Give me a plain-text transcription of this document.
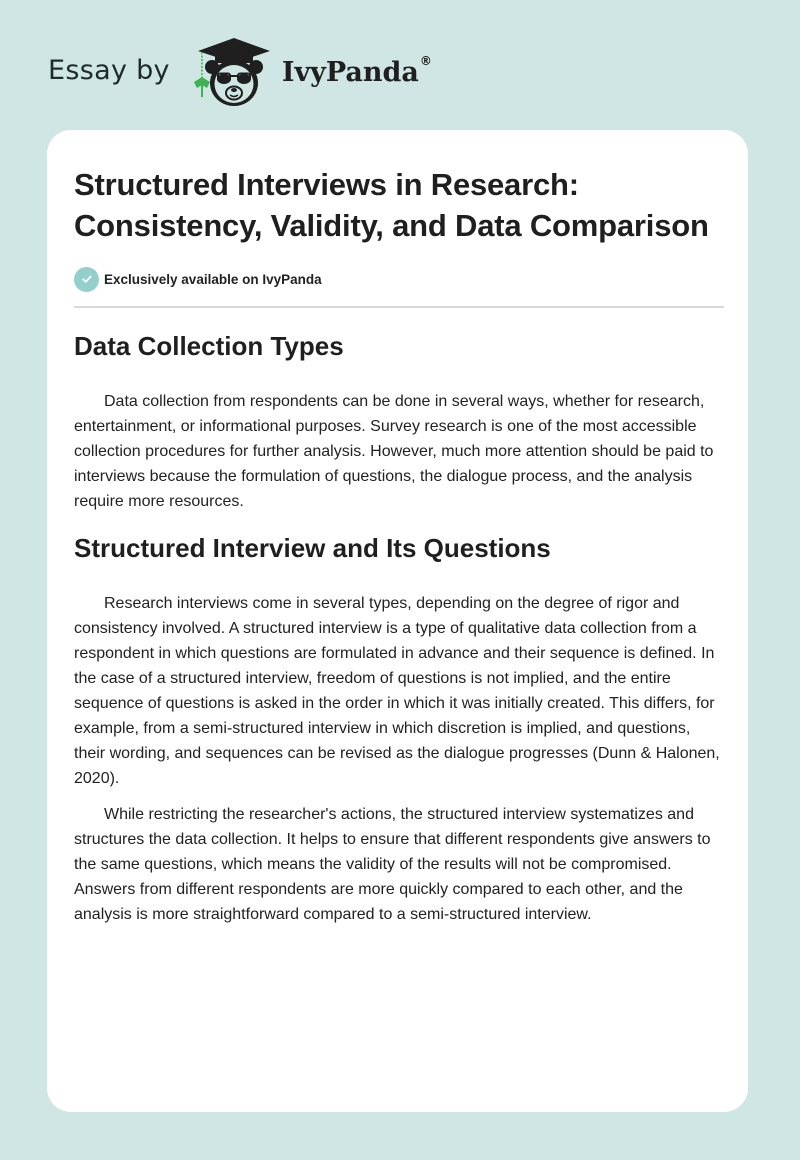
Essay by	IvyPanda®
Structured Interviews in Research: Consistency, Validity, and Data Comparison
Exclusively available on IvyPanda
Data Collection Types

Data collection from respondents can be done in several ways, whether for research, entertainment, or informational purposes. Survey research is one of the most accessible collection procedures for further analysis. However, much more attention should be paid to interviews because the formulation of questions, the dialogue process, and the analysis require more resources.

Structured Interview and Its Questions

Research interviews come in several types, depending on the degree of rigor and consistency involved. A structured interview is a type of qualitative data collection from a respondent in which questions are formulated in advance and their sequence is defined. In the case of a structured interview, freedom of questions is not implied, and the entire sequence of questions is asked in the order in which it was initially created. This differs, for example, from a semi-structured interview in which discretion is implied, and questions, their wording, and sequences can be revised as the dialogue progresses (Dunn & Halonen, 2020).

While restricting the researcher's actions, the structured interview systematizes and structures the data collection. It helps to ensure that different respondents give answers to the same questions, which means the validity of the results will not be compromised. Answers from different respondents are more quickly compared to each other, and the analysis is more straightforward compared to a semi-structured interview.
